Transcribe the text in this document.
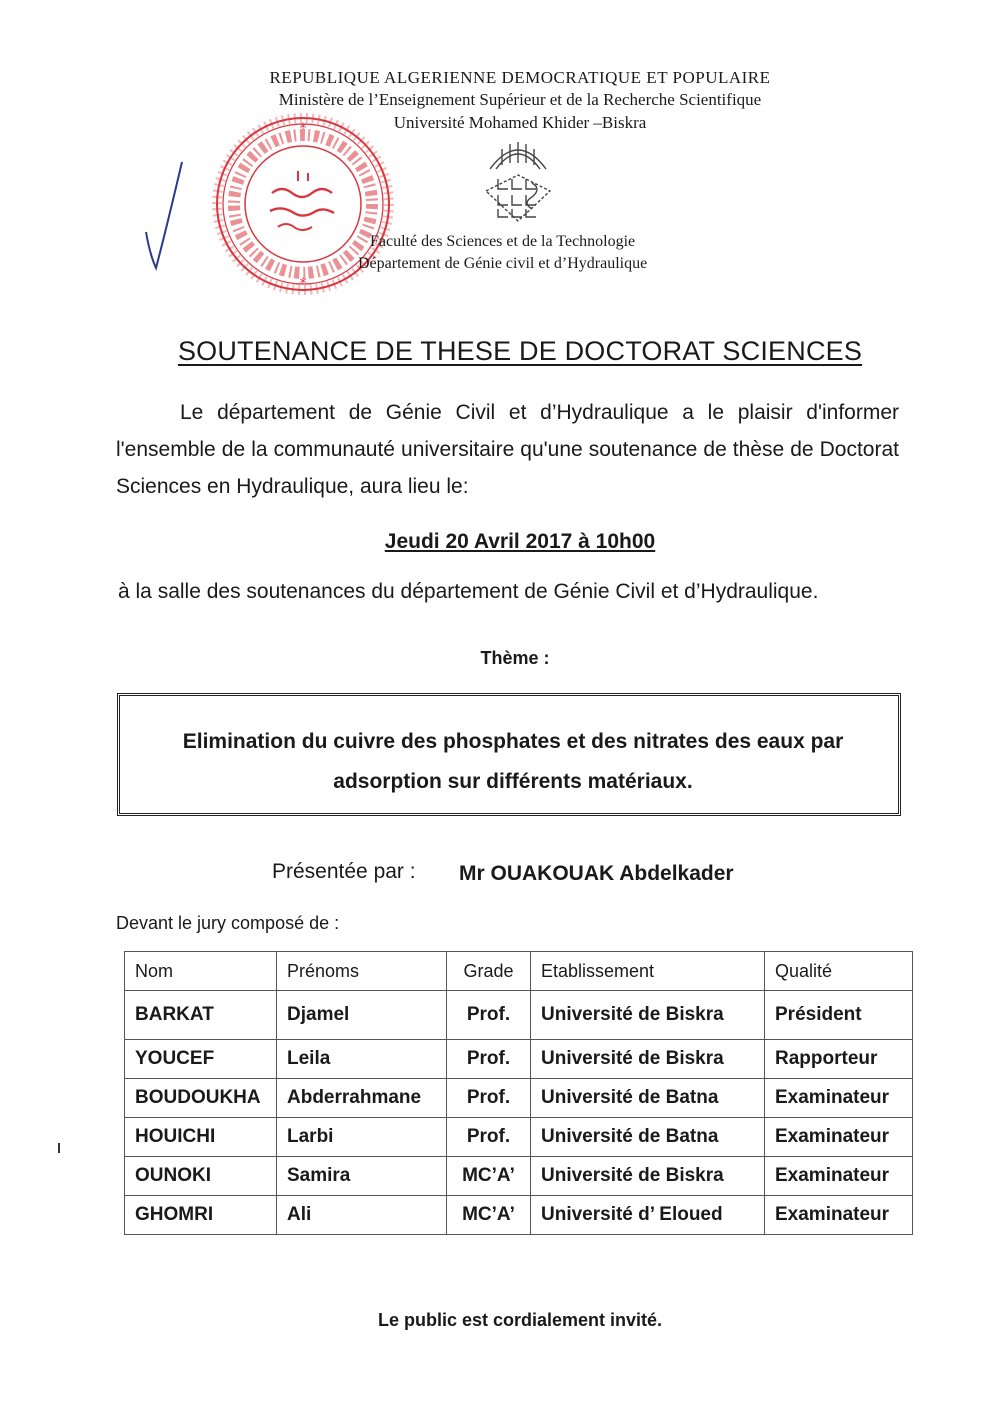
REPUBLIQUE ALGERIENNE DEMOCRATIQUE ET POPULAIRE
Ministère de l’Enseignement Supérieur et de la Recherche Scientifique
Université Mohamed Khider –Biskra
*
*
Faculté des Sciences et de la Technologie
Département de Génie civil et d’Hydraulique
SOUTENANCE DE THESE DE DOCTORAT SCIENCES
Le département de Génie Civil et d’Hydraulique a le plaisir d'informer l'ensemble de la communauté universitaire qu'une soutenance de thèse de Doctorat Sciences en Hydraulique, aura lieu le:
Jeudi 20 Avril 2017 à 10h00
à la salle des soutenances du département de Génie Civil et d’Hydraulique.
Thème :
Elimination du cuivre des phosphates et des nitrates des eaux par adsorption sur différents matériaux.
Présentée par : Mr OUAKOUAK Abdelkader
Devant le jury composé de :
Nom	Prénoms	Grade	Etablissement	Qualité
BARKAT	Djamel	Prof.	Université de Biskra	Président
YOUCEF	Leila	Prof.	Université de Biskra	Rapporteur
BOUDOUKHA	Abderrahmane	Prof.	Université de Batna	Examinateur
HOUICHI	Larbi	Prof.	Université de Batna	Examinateur
OUNOKI	Samira	MC’A’	Université de Biskra	Examinateur
GHOMRI	Ali	MC’A’	Université d’ Eloued	Examinateur
Le public est cordialement invité.
